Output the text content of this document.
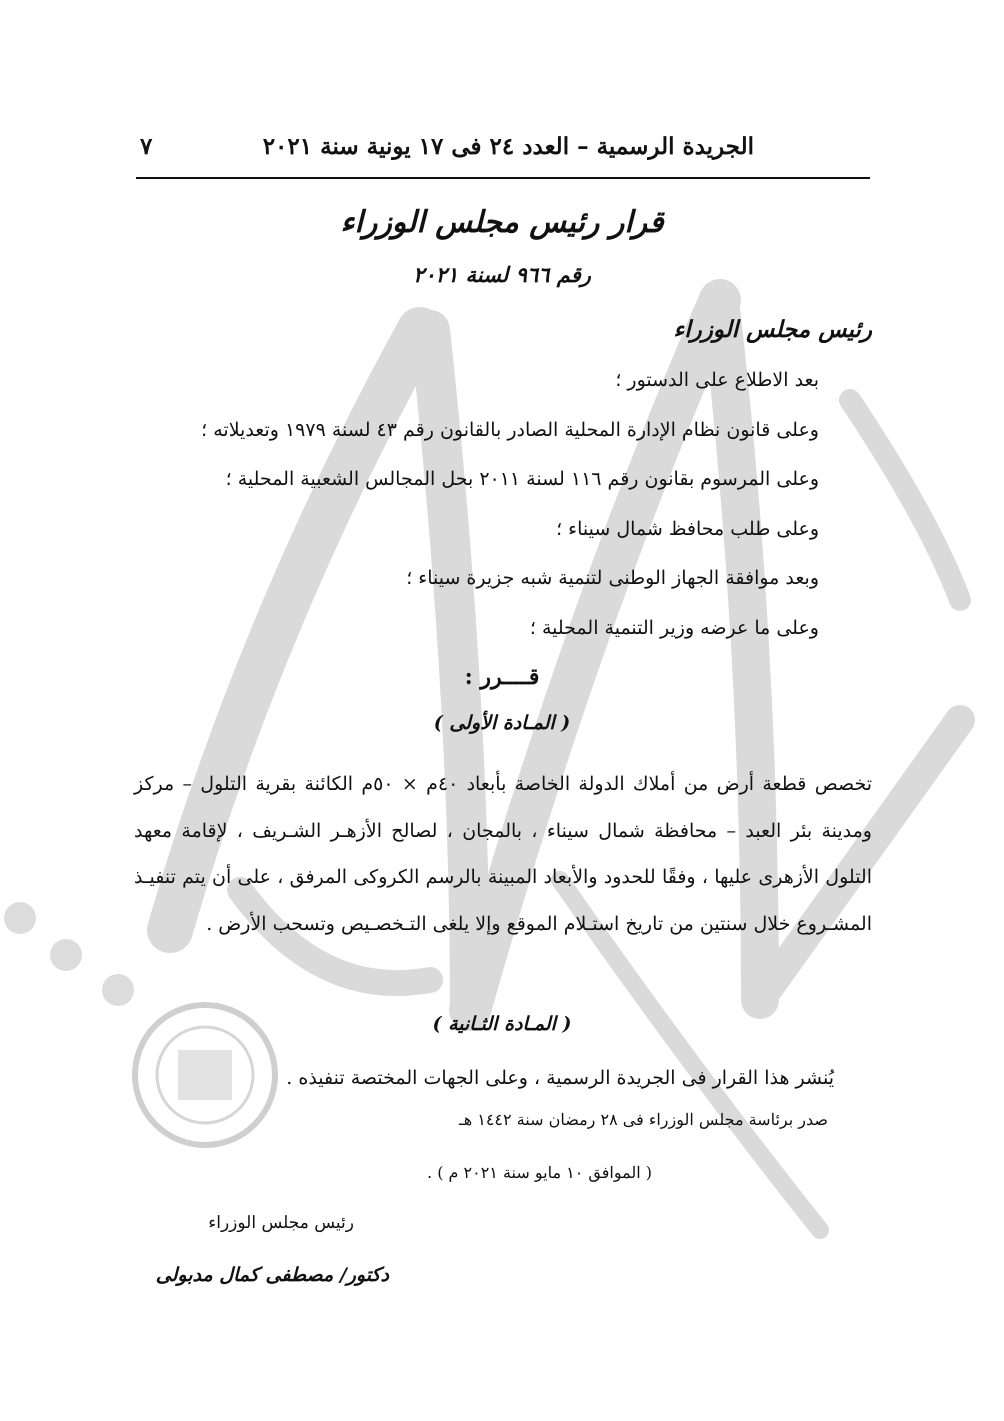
الجريدة الرسمية – العدد ٢٤ فى ١٧ يونية سنة ٢٠٢١
٧
قرار رئيس مجلس الوزراء
رقم ٩٦٦ لسنة ٢٠٢١
رئيس مجلس الوزراء
بعد الاطلاع على الدستور ؛
وعلى قانون نظام الإدارة المحلية الصادر بالقانون رقم ٤٣ لسنة ١٩٧٩ وتعديلاته ؛
وعلى المرسوم بقانون رقم ١١٦ لسنة ٢٠١١ بحل المجالس الشعبية المحلية ؛
وعلى طلب محافظ شمال سيناء ؛
وبعد موافقة الجهاز الوطنى لتنمية شبه جزيرة سيناء ؛
وعلى ما عرضه وزير التنمية المحلية ؛
قــــرر :
( المـادة الأولى )
تخصص قطعة أرض من أملاك الدولة الخاصة بأبعاد ٤٠م × ٥٠م الكائنة بقرية التلول – مركز ومدينة بئر العبد – محافظة شمال سيناء ، بالمجان ، لصالح الأزهـر الشـريف ، لإقامة معهد التلول الأزهرى عليها ، وفقًا للحدود والأبعاد المبينة بالرسم الكروكى المرفق ، على أن يتم تنفيـذ المشـروع خلال سنتين من تاريخ استـلام الموقع وإلا يلغى التـخصـيص وتسحب الأرض .
( المـادة الثـانية )
يُنشر هذا القرار فى الجريدة الرسمية ، وعلى الجهات المختصة تنفيذه .
صدر برئاسة مجلس الوزراء فى ٢٨ رمضان سنة ١٤٤٢ هـ
( الموافق ١٠ مايو سنة ٢٠٢١ م ) .
رئيس مجلس الوزراء
دكتور/ مصطفى كمال مدبولى
